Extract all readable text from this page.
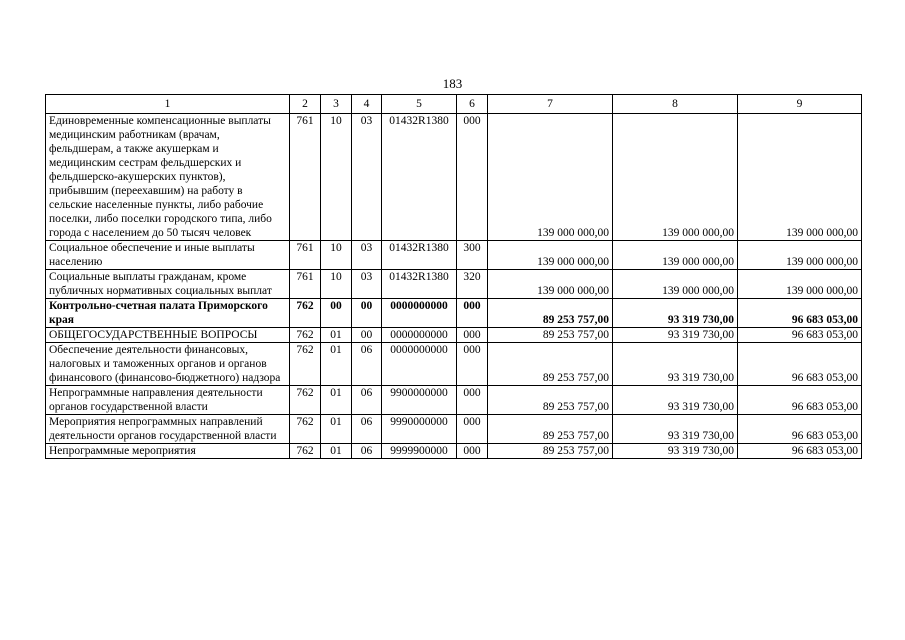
183
1	2	3	4	5	6	7	8	9
Единовременные компенсационные выплаты медицинским работникам (врачам, фельдшерам, а также акушеркам и медицинским сестрам фельдшерских и фельдшерско-акушерских пунктов), прибывшим (переехавшим) на работу в сельские населенные пункты, либо рабочие поселки, либо поселки городского типа, либо города с населением до 50 тысяч человек	761	10	03	01432R1380	000	139 000 000,00	139 000 000,00	139 000 000,00
Социальное обеспечение и иные выплаты населению	761	10	03	01432R1380	300	139 000 000,00	139 000 000,00	139 000 000,00
Социальные выплаты гражданам, кроме публичных нормативных социальных выплат	761	10	03	01432R1380	320	139 000 000,00	139 000 000,00	139 000 000,00
Контрольно-счетная палата Приморского края	762	00	00	0000000000	000	89 253 757,00	93 319 730,00	96 683 053,00
ОБЩЕГОСУДАРСТВЕННЫЕ ВОПРОСЫ	762	01	00	0000000000	000	89 253 757,00	93 319 730,00	96 683 053,00
Обеспечение деятельности финансовых, налоговых и таможенных органов и органов финансового (финансово-бюджетного) надзора	762	01	06	0000000000	000	89 253 757,00	93 319 730,00	96 683 053,00
Непрограммные направления деятельности органов государственной власти	762	01	06	9900000000	000	89 253 757,00	93 319 730,00	96 683 053,00
Мероприятия непрограммных направлений деятельности органов государственной власти	762	01	06	9990000000	000	89 253 757,00	93 319 730,00	96 683 053,00
Непрограммные мероприятия	762	01	06	9999900000	000	89 253 757,00	93 319 730,00	96 683 053,00
